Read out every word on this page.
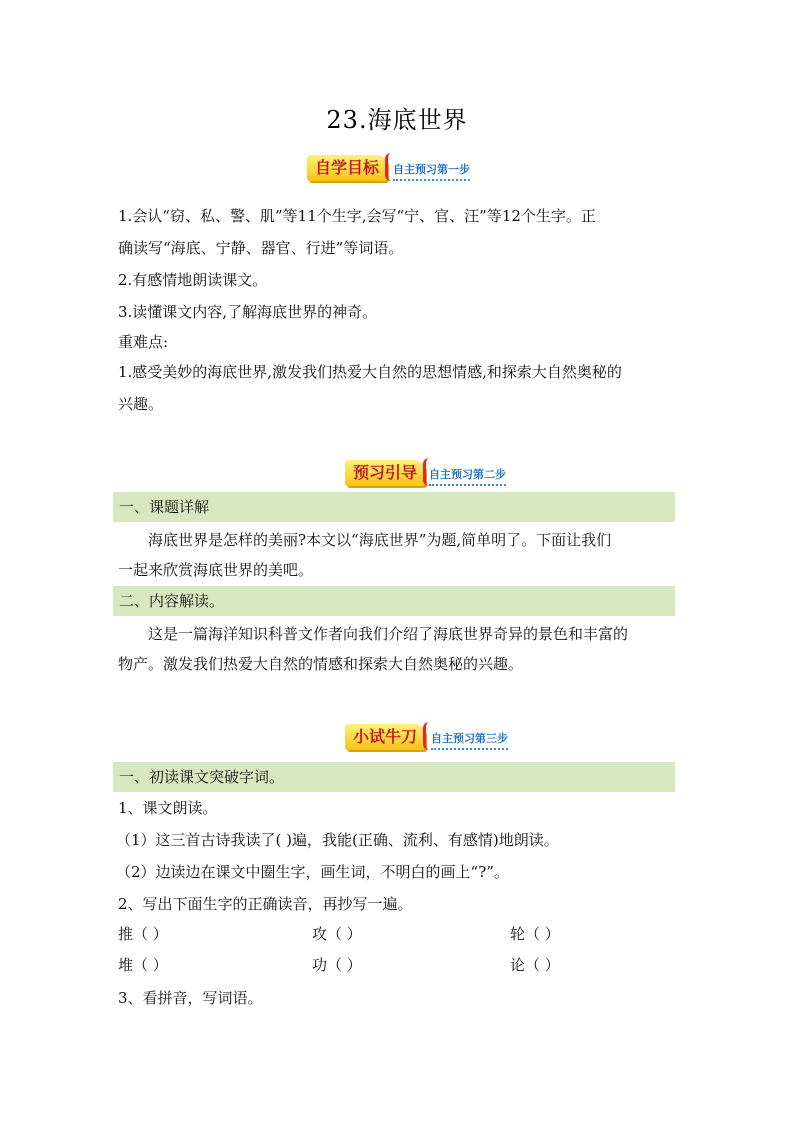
23.海底世界
自学目标	自主预习第一步
1.会认“窃、私、警、肌”等11个生字,会写“宁、官、汪”等12个生字。正
确读写“海底、宁静、器官、行进”等词语。
2.有感情地朗读课文。
3.读懂课文内容,了解海底世界的神奇。
重难点:
1.感受美妙的海底世界,激发我们热爱大自然的思想情感,和探索大自然奥秘的
兴趣。
预习引导	自主预习第二步
一、课题详解
海底世界是怎样的美丽?本文以“海底世界”为题,简单明了。下面让我们
一起来欣赏海底世界的美吧。
二、内容解读。
这是一篇海洋知识科普文作者向我们介绍了海底世界奇异的景色和丰富的
物产。激发我们热爱大自然的情感和探索大自然奥秘的兴趣。
小试牛刀	自主预习第三步
一、初读课文突破字词。
1、课文朗读。
（1）这三首古诗我读了( )遍，我能(正确、流利、有感情)地朗读。
（2）边读边在课文中圈生字，画生词，不明白的画上“?”。
2、写出下面生字的正确读音，再抄写一遍。
推（ ）	攻（ ）	轮（ ）
堆（ ）	功（ ）	论（ ）
3、看拼音，写词语。
